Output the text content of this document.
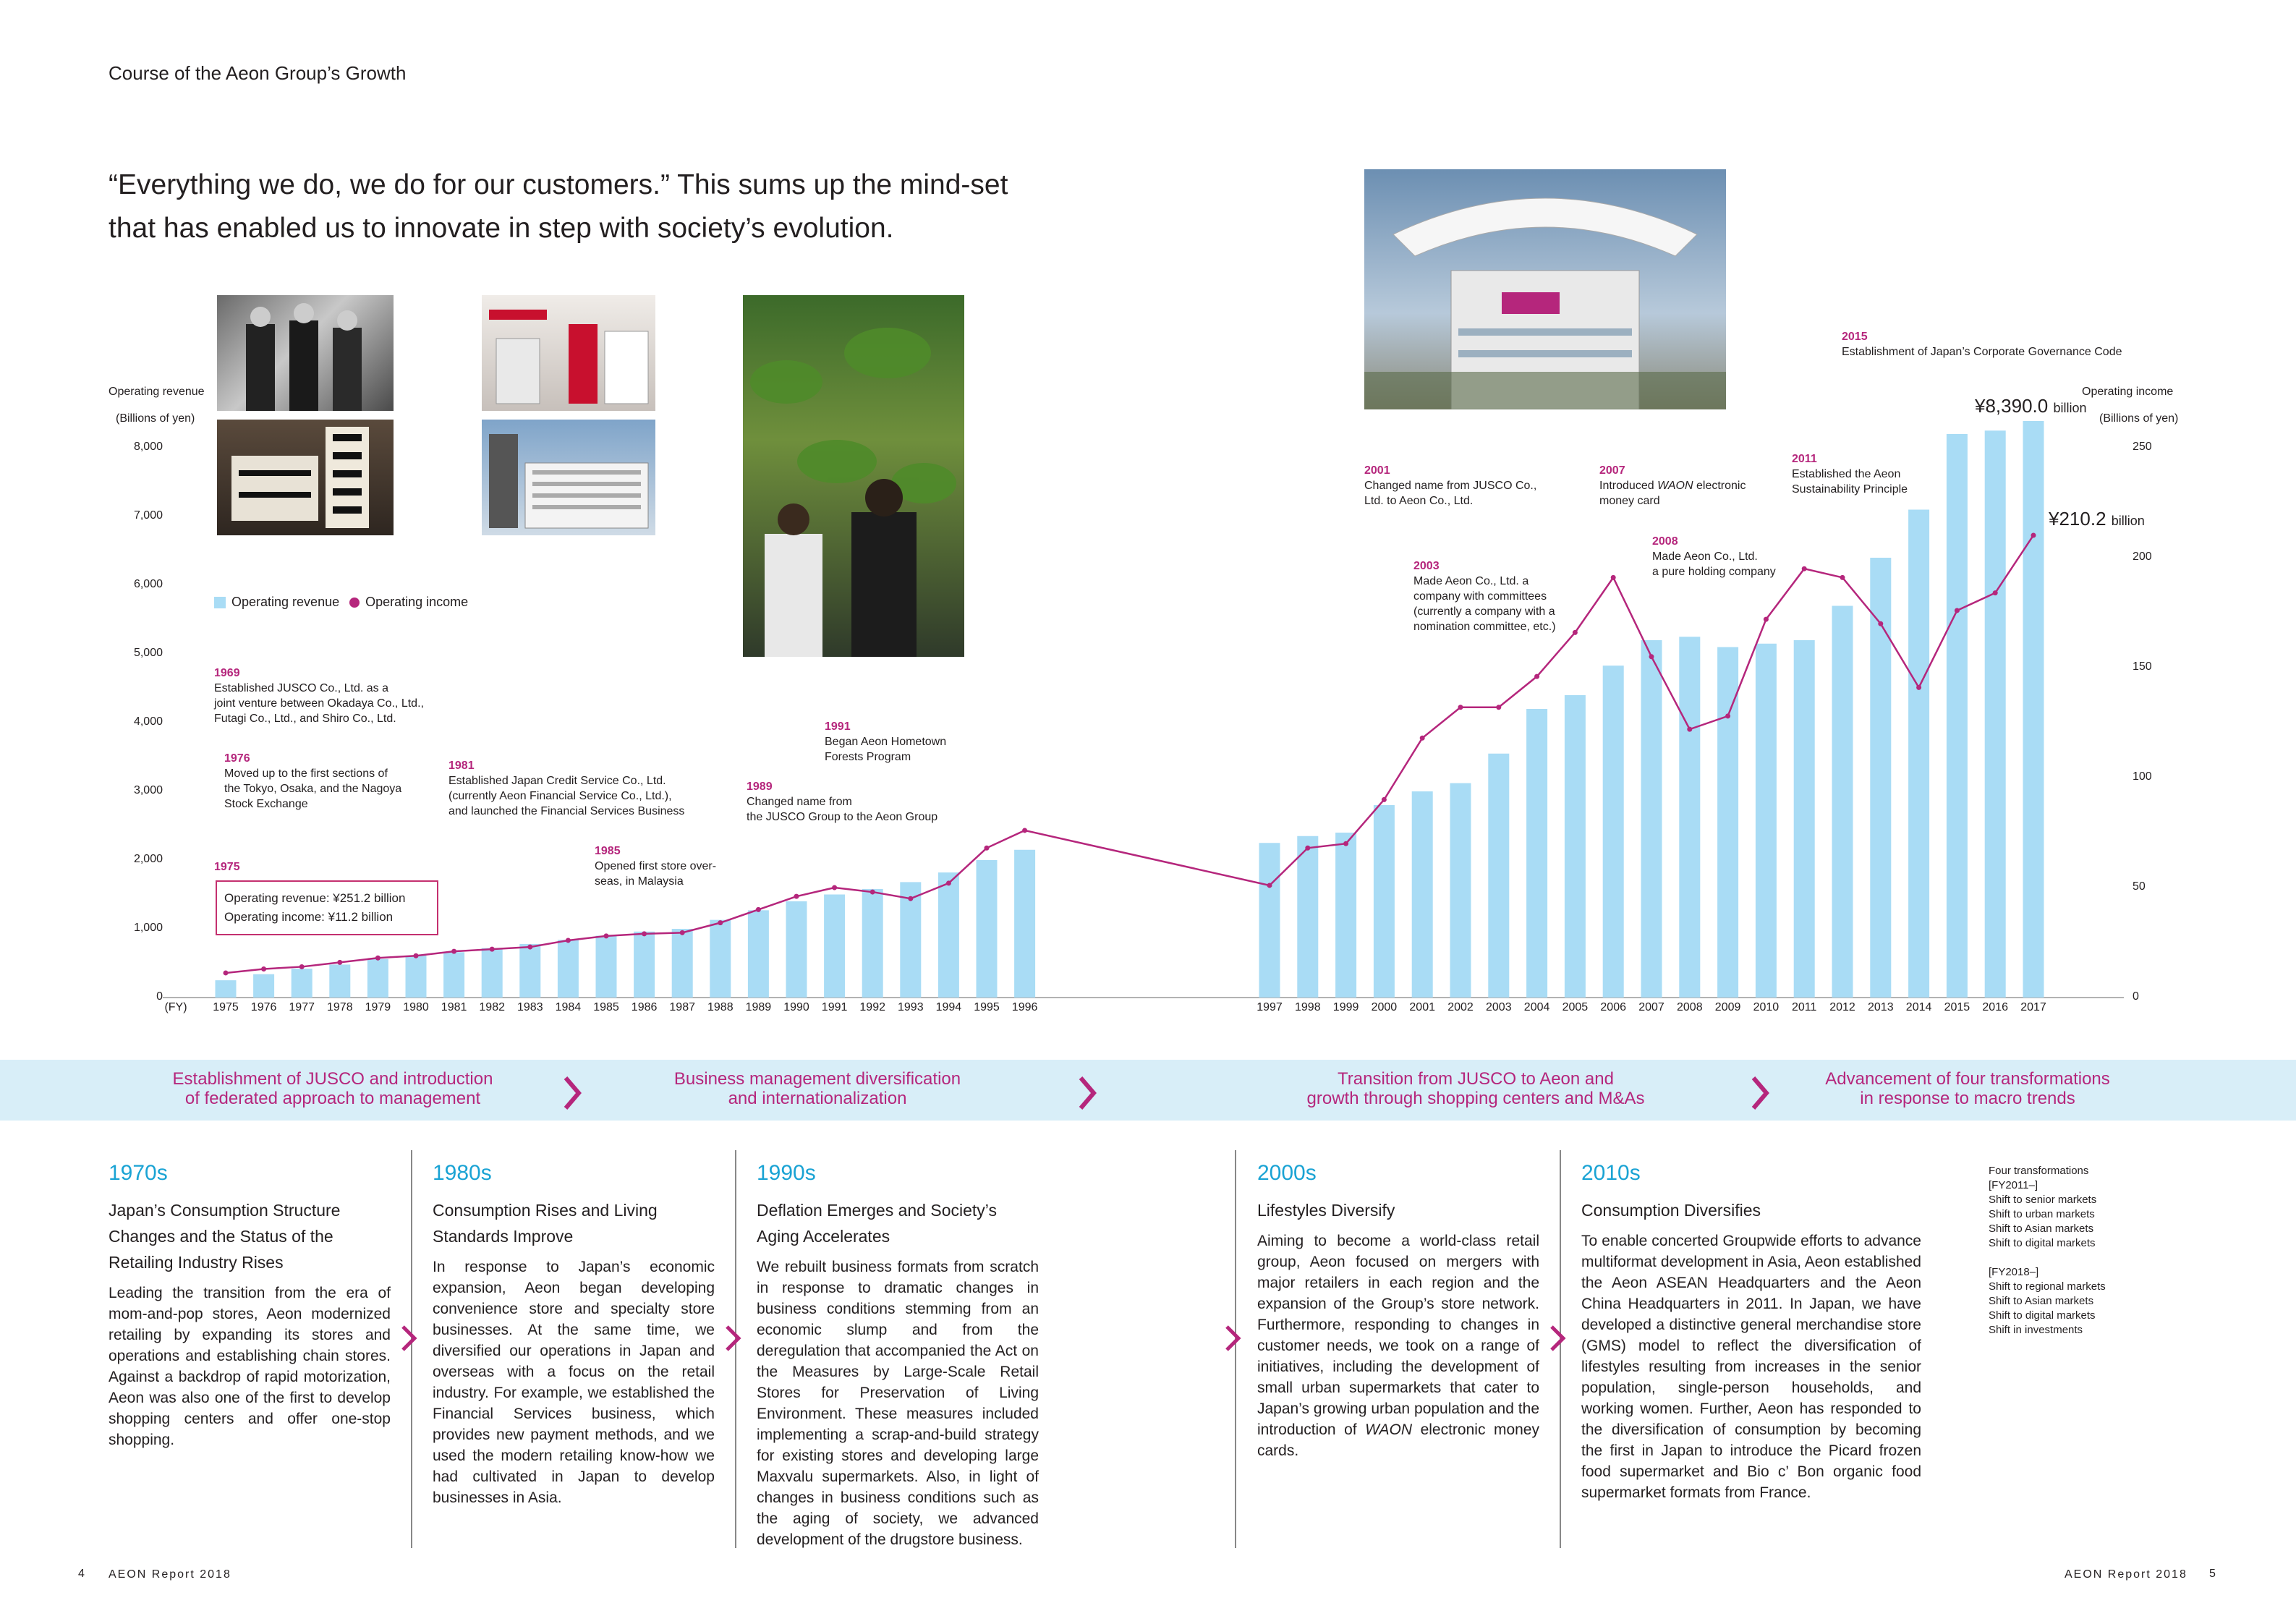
Course of the Aeon Group’s Growth
“Everything we do, we do for our customers.” This sums up the mind-set
that has enabled us to innovate in step with society’s evolution.
Operating revenue
(Billions of yen)
Operating income
(Billions of yen)
0
1,000
2,000
3,000
4,000
5,000
6,000
7,000
8,000
0
50
100
150
200
250
(FY)	1975	1976	1977	1978	1979	1980	1981	1982	1983	1984	1985	1986	1987	1988	1989	1990	1991	1992	1993	1994	1995	1996	1997	1998	1999	2000	2001	2002	2003	2004	2005	2006	2007	2008	2009	2010	2011	2012	2013	2014	2015	2016	2017
Operating revenue Operating income
1969
Established JUSCO Co., Ltd. as a
joint venture between Okadaya Co., Ltd.,
Futagi Co., Ltd., and Shiro Co., Ltd.
1976
Moved up to the first sections of
the Tokyo, Osaka, and the Nagoya
Stock Exchange
1975
Operating revenue: ¥251.2 billion
Operating income: ¥11.2 billion
1981
Established Japan Credit Service Co., Ltd.
(currently Aeon Financial Service Co., Ltd.),
and launched the Financial Services Business
1985
Opened first store over-
seas, in Malaysia
1989
Changed name from
the JUSCO Group to the Aeon Group
1991
Began Aeon Hometown
Forests Program
2001
Changed name from JUSCO Co.,
Ltd. to Aeon Co., Ltd.
2003
Made Aeon Co., Ltd. a
company with committees
(currently a company with a
nomination committee, etc.)
2007
Introduced WAON electronic
money card
2008
Made Aeon Co., Ltd.
a pure holding company
2011
Established the Aeon
Sustainability Principle
2015
Establishment of Japan’s Corporate Governance Code
¥8,390.0 billion
¥210.2 billion
Establishment of JUSCO and introduction
of federated approach to management
Business management diversification
and internationalization
Transition from JUSCO to Aeon and
growth through shopping centers and M&As
Advancement of four transformations
in response to macro trends
1970s
Japan’s Consumption Structure Changes and the Status of the Retailing Industry Rises
Leading the transition from the era of mom-and-pop stores, Aeon modernized retailing by expanding its stores and operations and establishing chain stores. Against a backdrop of rapid motorization, Aeon was also one of the first to develop shopping centers and offer one-stop shopping.
1980s
Consumption Rises and Living Standards Improve
In response to Japan’s economic expansion, Aeon began developing convenience store and specialty store businesses. At the same time, we diversified our operations in Japan and overseas with a focus on the retail industry. For example, we established the Financial Services business, which provides new payment methods, and we used the modern retailing know-how we had cultivated in Japan to develop businesses in Asia.
1990s
Deflation Emerges and Society’s Aging Accelerates
We rebuilt business formats from scratch in response to dramatic changes in business conditions stemming from an economic slump and from the deregulation that accompanied the Act on the Measures by Large-Scale Retail Stores for Preservation of Living Environment. These measures included implementing a scrap-and-build strategy for existing stores and developing large Maxvalu supermarkets. Also, in light of changes in business conditions such as the aging of society, we advanced development of the drugstore business.
2000s
Lifestyles Diversify
Aiming to become a world-class retail group, Aeon focused on mergers with major retailers in each region and the expansion of the Group’s store network. Furthermore, responding to changes in customer needs, we took on a range of initiatives, including the development of small urban supermarkets that cater to Japan’s growing urban population and the introduction of WAON electronic money cards.
2010s
Consumption Diversifies
To enable concerted Groupwide efforts to advance multiformat development in Asia, Aeon established the Aeon ASEAN Headquarters and the Aeon China Headquarters in 2011. In Japan, we have developed a distinctive general merchandise store (GMS) model to reflect the diversification of lifestyles resulting from increases in the senior population, single-person households, and working women. Further, Aeon has responded to the diversification of consumption by becoming the first in Japan to introduce the Picard frozen food supermarket and Bio c’ Bon organic food supermarket formats from France.
Four transformations
[FY2011–]
Shift to senior markets
Shift to urban markets
Shift to Asian markets
Shift to digital markets
[FY2018–]
Shift to regional markets
Shift to Asian markets
Shift to digital markets
Shift in investments
4 AEON Report 2018	AEON Report 2018 5
